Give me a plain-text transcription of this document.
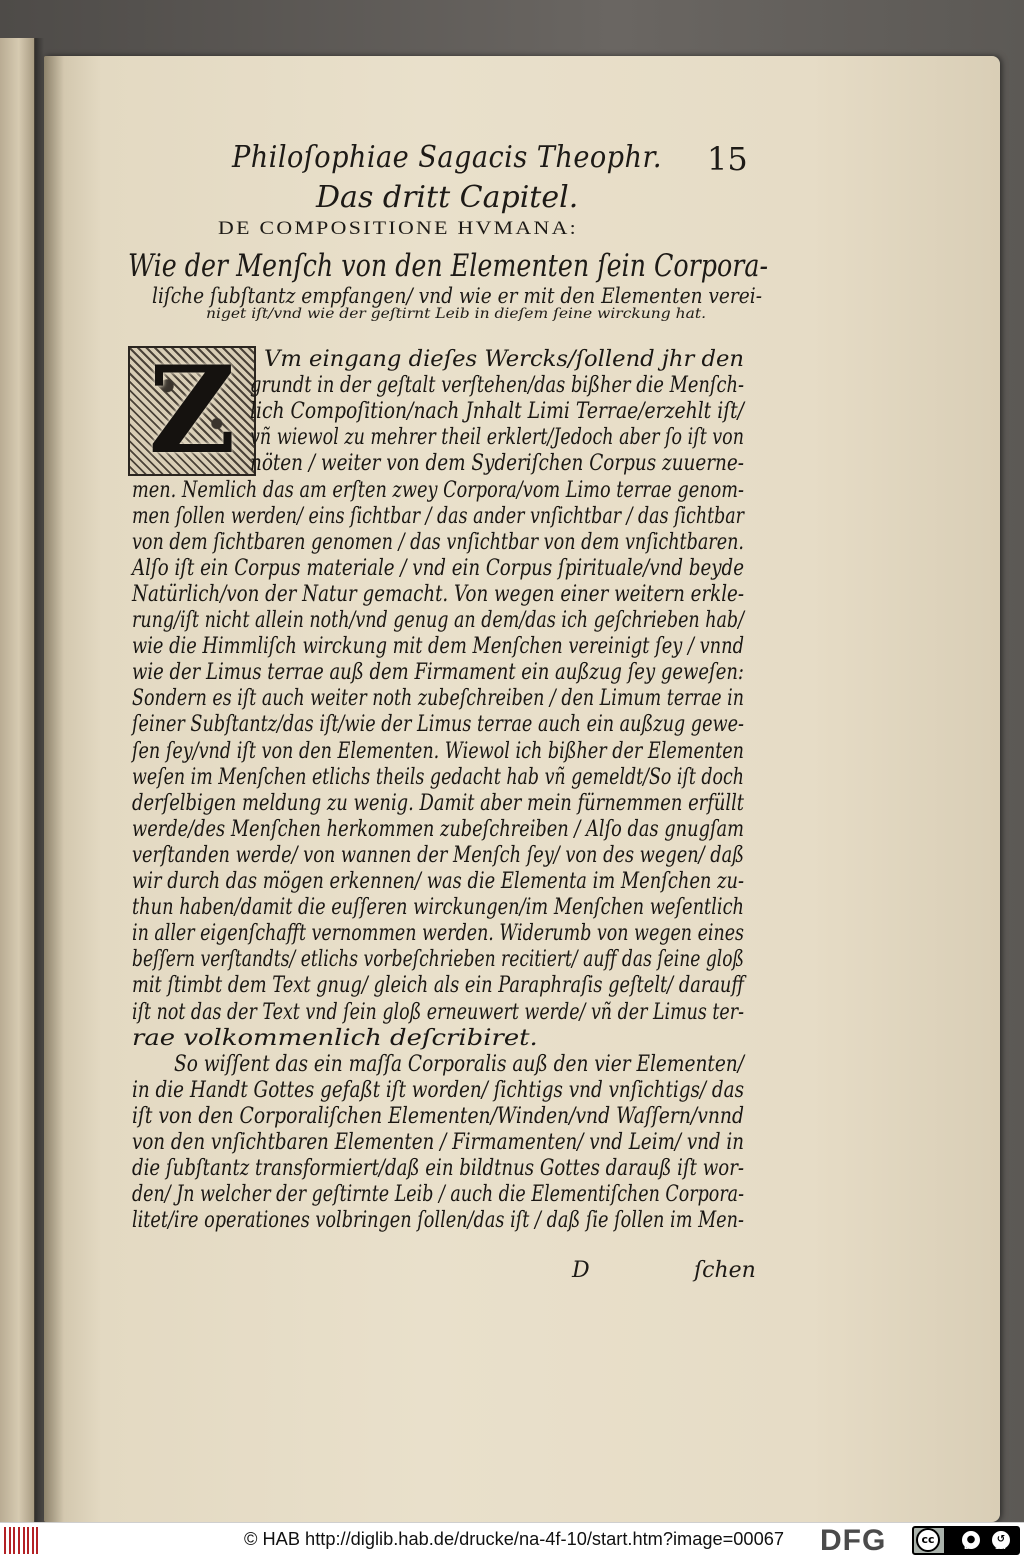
Philoſophiae Sagacis Theophr. 15
Das dritt Capitel.
DE COMPOSITIONE HVMANA:
Wie der Menſch von den Elementen ſein Corpora‑
liſche ſubſtantz empfangen/ vnd wie er mit den Elementen verei‑
niget iſt/vnd wie der geſtirnt Leib in dieſem ſeine wirckung hat.
Z	Vm eingang dieſes Wercks/ſollend jhr den
grundt in der geſtalt verſtehen/das bißher die Menſch‑
lich Compoſition/nach Jnhalt Limi Terrae/erzehlt iſt/
vñ wiewol zu mehrer theil erklert/Jedoch aber ſo iſt von
nöten / weiter von dem Syderiſchen Corpus zuuerne‑
men. Nemlich das am erſten zwey Corpora/vom Limo terrae genom‑
men ſollen werden/ eins ſichtbar / das ander vnſichtbar / das ſichtbar
von dem ſichtbaren genomen / das vnſichtbar von dem vnſichtbaren.
Alſo iſt ein Corpus materiale / vnd ein Corpus ſpirituale/vnd beyde
Natürlich/von der Natur gemacht. Von wegen einer weitern erkle‑
rung/iſt nicht allein noth/vnd genug an dem/das ich geſchrieben hab/
wie die Himmliſch wirckung mit dem Menſchen vereinigt ſey / vnnd
wie der Limus terrae auß dem Firmament ein außzug ſey geweſen:
Sondern es iſt auch weiter noth zubeſchreiben / den Limum terrae in
ſeiner Subſtantz/das iſt/wie der Limus terrae auch ein außzug gewe‑
ſen ſey/vnd iſt von den Elementen. Wiewol ich bißher der Elementen
weſen im Menſchen etlichs theils gedacht hab vñ gemeldt/So iſt doch
derſelbigen meldung zu wenig. Damit aber mein fürnemmen erfüllt
werde/des Menſchen herkommen zubeſchreiben / Alſo das gnugſam
verſtanden werde/ von wannen der Menſch ſey/ von des wegen/ daß
wir durch das mögen erkennen/ was die Elementa im Menſchen zu‑
thun haben/damit die euſſeren wirckungen/im Menſchen weſentlich
in aller eigenſchafft vernommen werden. Widerumb von wegen eines
beſſern verſtandts/ etlichs vorbeſchrieben recitiert/ auff das ſeine gloß
mit ſtimbt dem Text gnug/ gleich als ein Paraphraſis geſtelt/ darauff
iſt not das der Text vnd ſein gloß erneuwert werde/ vñ der Limus ter‑
rae volkommenlich deſcribiret.
So wiſſent das ein maſſa Corporalis auß den vier Elementen/
in die Handt Gottes gefaßt iſt worden/ ſichtigs vnd vnſichtigs/ das
iſt von den Corporaliſchen Elementen/Winden/vnd Waſſern/vnnd
von den vnſichtbaren Elementen / Firmamenten/ vnd Leim/ vnd in
die ſubſtantz transformiert/daß ein bildtnus Gottes darauß iſt wor‑
den/ Jn welcher der geſtirnte Leib / auch die Elementiſchen Corpora‑
litet/ire operationes volbringen ſollen/das iſt / daß ſie ſollen im Men‑
D	ſchen
© HAB http://diglib.hab.de/drucke/na-4f-10/start.htm?image=00067 DFG	cc	●	↺
BY	SA
